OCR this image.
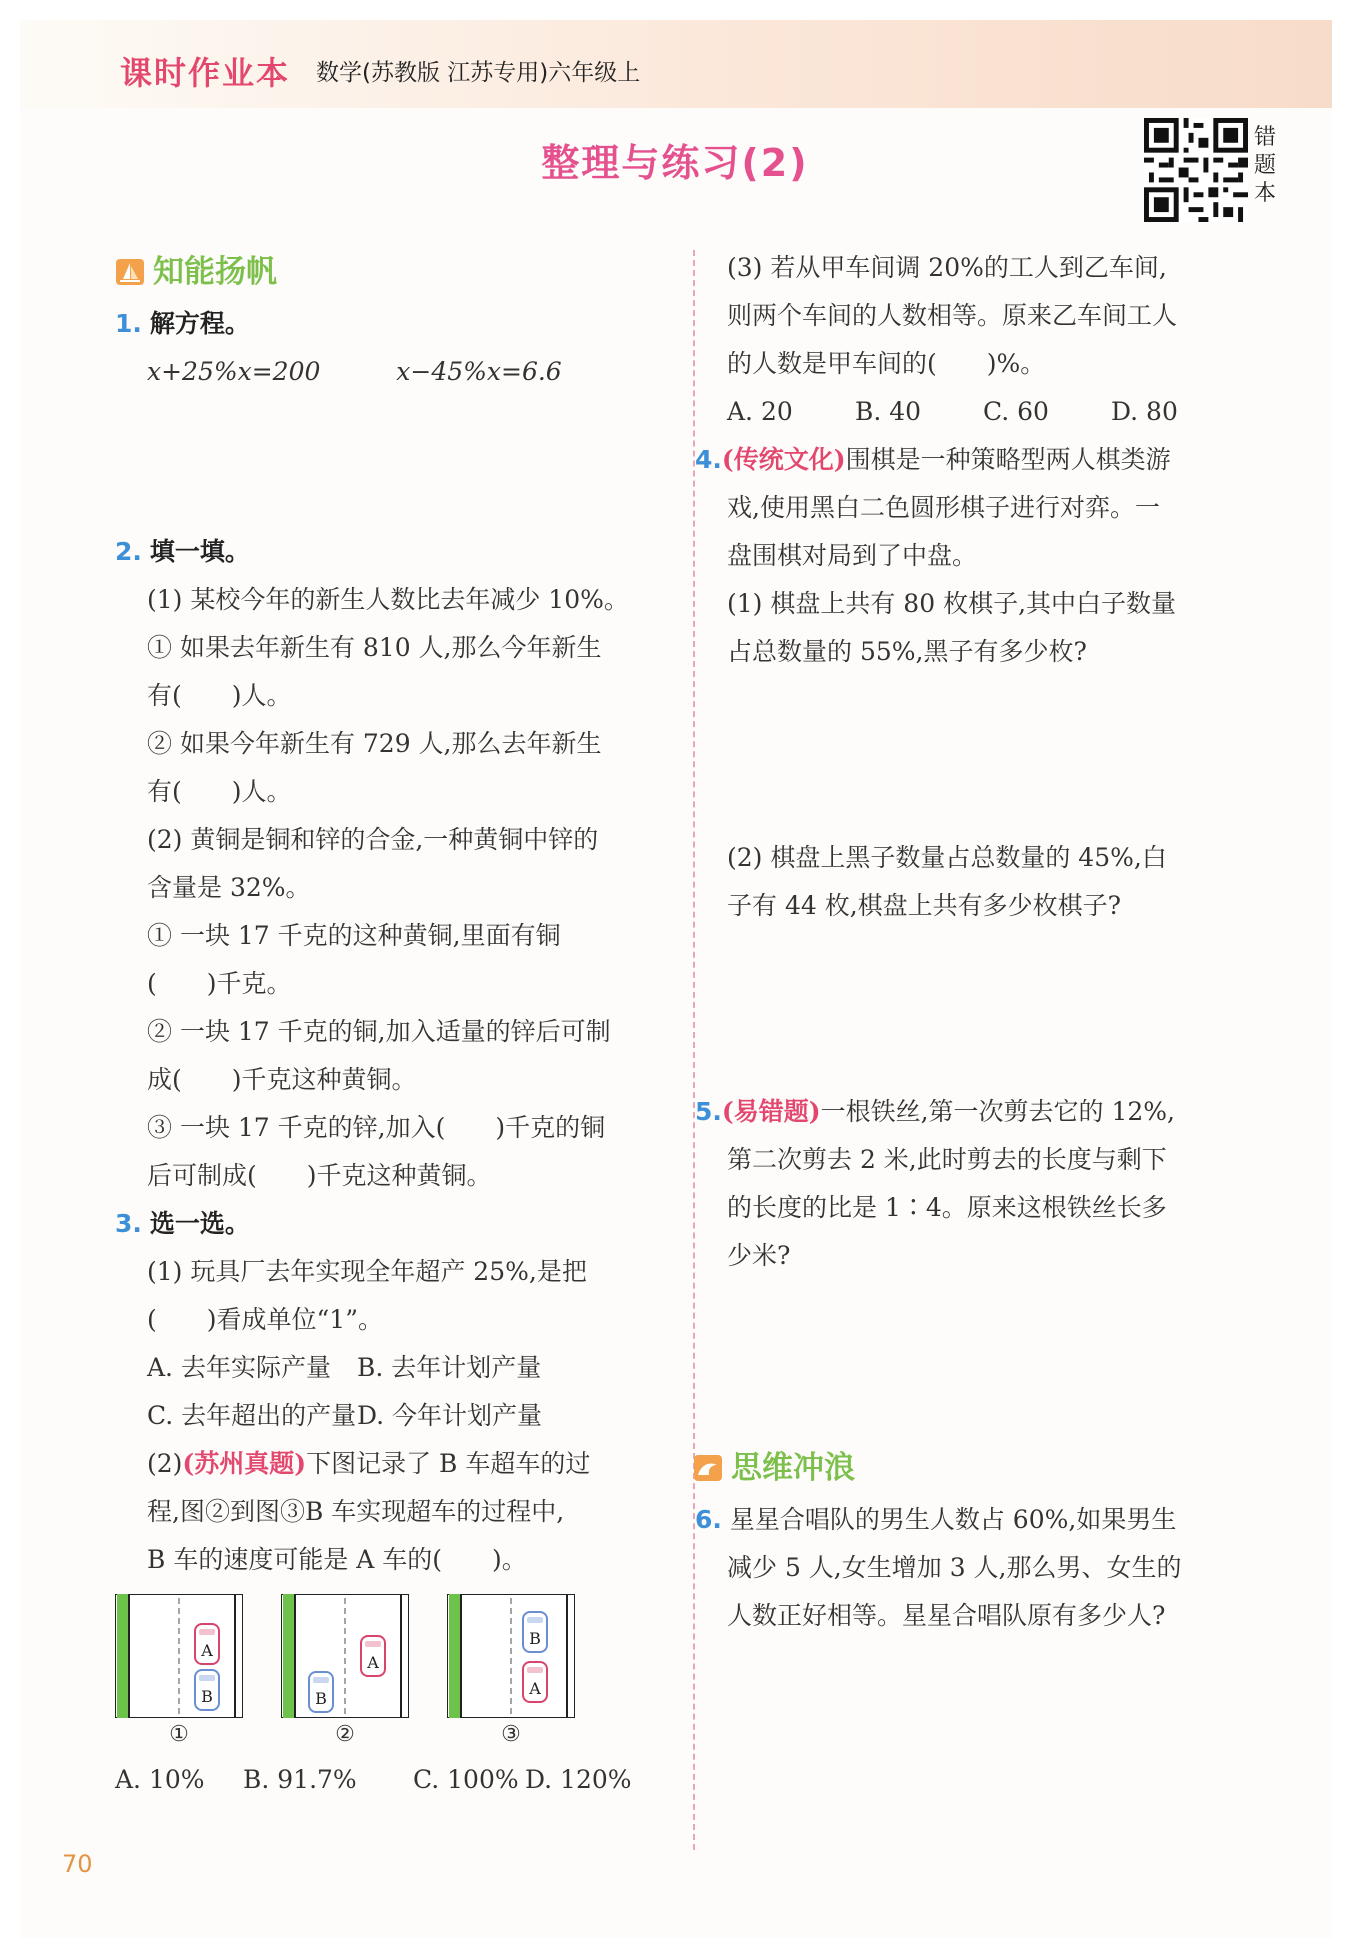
课时作业本 数学(苏教版 江苏专用)六年级上
整理与练习(2)
错
题
本
知能扬帆

1. 解方程。

x+25%x=200	x−45%x=6.6

2. 填一填。

(1) 某校今年的新生人数比去年减少 10%。

① 如果去年新生有 810 人,那么今年新生

有(　　)人。

② 如果今年新生有 729 人,那么去年新生

有(　　)人。

(2) 黄铜是铜和锌的合金,一种黄铜中锌的

含量是 32%。

① 一块 17 千克的这种黄铜,里面有铜

(　　)千克。

② 一块 17 千克的铜,加入适量的锌后可制

成(　　)千克这种黄铜。

③ 一块 17 千克的锌,加入(　　)千克的铜

后可制成(　　)千克这种黄铜。

3. 选一选。

(1) 玩具厂去年实现全年超产 25%,是把

(　　)看成单位“1”。

A. 去年实际产量 B. 去年计划产量

C. 去年超出的产量D. 今年计划产量

(2)(苏州真题)下图记录了 B 车超车的过

程,图②到图③B 车实现超车的过程中,

B 车的速度可能是 A 车的(　　)。

A
B
①
A
B
②
B
A
③

A. 10% B. 91.7% C. 100% D. 120%

(3) 若从甲车间调 20%的工人到乙车间,

则两个车间的人数相等。原来乙车间工人

的人数是甲车间的(　　)%。

A. 20 B. 40 C. 60 D. 80

4.(传统文化)围棋是一种策略型两人棋类游

戏,使用黑白二色圆形棋子进行对弈。一

盘围棋对局到了中盘。

(1) 棋盘上共有 80 枚棋子,其中白子数量

占总数量的 55%,黑子有多少枚?

(2) 棋盘上黑子数量占总数量的 45%,白

子有 44 枚,棋盘上共有多少枚棋子?

5.(易错题)一根铁丝,第一次剪去它的 12%,

第二次剪去 2 米,此时剪去的长度与剩下

的长度的比是 1∶4。原来这根铁丝长多

少米?

思维冲浪

6. 星星合唱队的男生人数占 60%,如果男生

减少 5 人,女生增加 3 人,那么男、女生的

人数正好相等。星星合唱队原有多少人?

70
